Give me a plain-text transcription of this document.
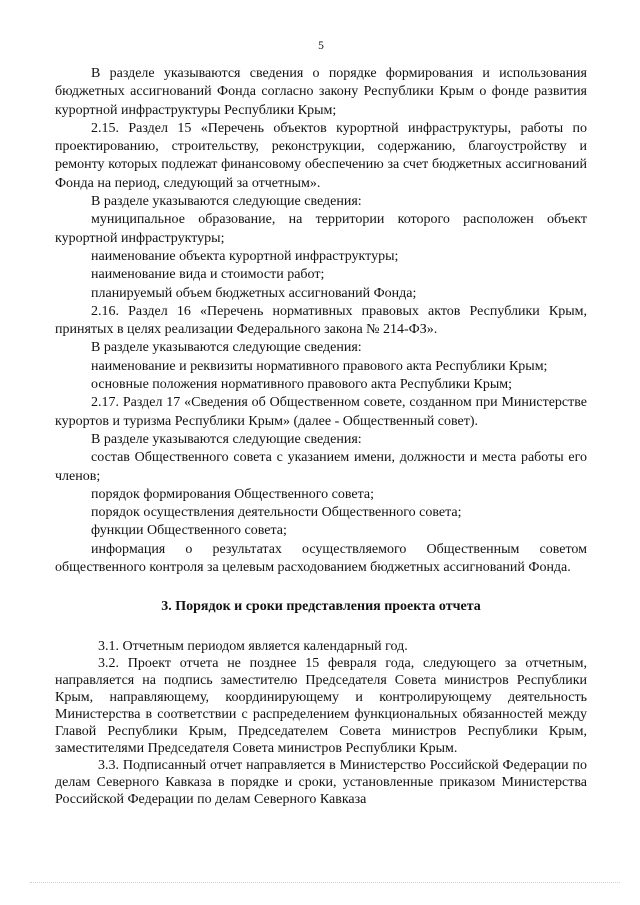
5

В разделе указываются сведения о порядке формирования и использования бюджетных ассигнований Фонда согласно закону Республики Крым о фонде развития курортной инфраструктуры Республики Крым;

2.15. Раздел 15 «Перечень объектов курортной инфраструктуры, работы по проектированию, строительству, реконструкции, содержанию, благоустройству и ремонту которых подлежат финансовому обеспечению за счет бюджетных ассигнований Фонда на период, следующий за отчетным».

В разделе указываются следующие сведения:

муниципальное образование, на территории которого расположен объект курортной инфраструктуры;

наименование объекта курортной инфраструктуры;

наименование вида и стоимости работ;

планируемый объем бюджетных ассигнований Фонда;

2.16. Раздел 16 «Перечень нормативных правовых актов Республики Крым, принятых в целях реализации Федерального закона № 214-ФЗ».

В разделе указываются следующие сведения:

наименование и реквизиты нормативного правового акта Республики Крым;

основные положения нормативного правового акта Республики Крым;

2.17. Раздел 17 «Сведения об Общественном совете, созданном при Министерстве курортов и туризма Республики Крым» (далее - Общественный совет).

В разделе указываются следующие сведения:

состав Общественного совета с указанием имени, должности и места работы его членов;

порядок формирования Общественного совета;

порядок осуществления деятельности Общественного совета;

функции Общественного совета;

информация о результатах осуществляемого Общественным советом общественного контроля за целевым расходованием бюджетных ассигнований Фонда.

3. Порядок и сроки представления проекта отчета

3.1. Отчетным периодом является календарный год.

3.2. Проект отчета не позднее 15 февраля года, следующего за отчетным, направляется на подпись заместителю Председателя Совета министров Республики Крым, направляющему, координирующему и контролирующему деятельность Министерства в соответствии с распределением функциональных обязанностей между Главой Республики Крым, Председателем Совета министров Республики Крым, заместителями Председателя Совета министров Республики Крым.

3.3. Подписанный отчет направляется в Министерство Российской Федерации по делам Северного Кавказа в порядке и сроки, установленные приказом Министерства Российской Федерации по делам Северного Кавказа
